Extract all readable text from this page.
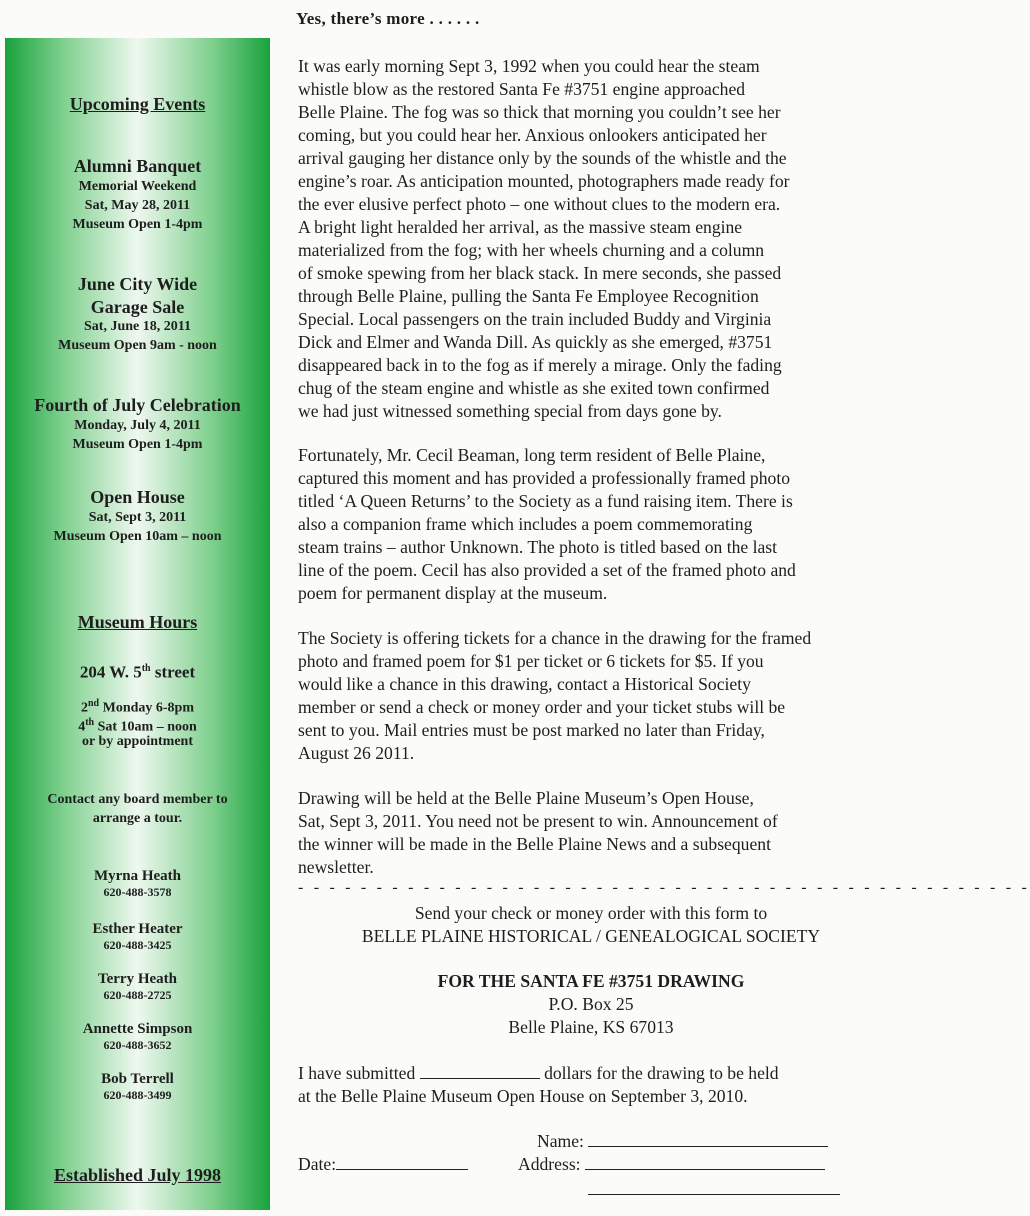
Upcoming Events
Alumni Banquet
Memorial Weekend
Sat, May 28, 2011
Museum Open 1-4pm
June City Wide
Garage Sale
Sat, June 18, 2011
Museum Open 9am - noon
Fourth of July Celebration
Monday, July 4, 2011
Museum Open 1-4pm
Open House
Sat, Sept 3, 2011
Museum Open 10am – noon
Museum Hours
204 W. 5th street
2nd Monday 6-8pm
4th Sat 10am – noon
or by appointment
Contact any board member to
arrange a tour.
Myrna Heath
620-488-3578
Esther Heater
620-488-3425
Terry Heath
620-488-2725
Annette Simpson
620-488-3652
Bob Terrell
620-488-3499
Established July 1998
Yes, there’s more . . . . . .

It was early morning Sept 3, 1992 when you could hear the steam
whistle blow as the restored Santa Fe #3751 engine approached
Belle Plaine. The fog was so thick that morning you couldn’t see her
coming, but you could hear her. Anxious onlookers anticipated her
arrival gauging her distance only by the sounds of the whistle and the
engine’s roar. As anticipation mounted, photographers made ready for
the ever elusive perfect photo – one without clues to the modern era.
A bright light heralded her arrival, as the massive steam engine
materialized from the fog; with her wheels churning and a column
of smoke spewing from her black stack. In mere seconds, she passed
through Belle Plaine, pulling the Santa Fe Employee Recognition
Special. Local passengers on the train included Buddy and Virginia
Dick and Elmer and Wanda Dill. As quickly as she emerged, #3751
disappeared back in to the fog as if merely a mirage. Only the fading
chug of the steam engine and whistle as she exited town confirmed
we had just witnessed something special from days gone by.

Fortunately, Mr. Cecil Beaman, long term resident of Belle Plaine,
captured this moment and has provided a professionally framed photo
titled ‘A Queen Returns’ to the Society as a fund raising item. There is
also a companion frame which includes a poem commemorating
steam trains – author Unknown. The photo is titled based on the last
line of the poem. Cecil has also provided a set of the framed photo and
poem for permanent display at the museum.

The Society is offering tickets for a chance in the drawing for the framed
photo and framed poem for $1 per ticket or 6 tickets for $5. If you
would like a chance in this drawing, contact a Historical Society
member or send a check or money order and your ticket stubs will be
sent to you. Mail entries must be post marked no later than Friday,
August 26 2011.

Drawing will be held at the Belle Plaine Museum’s Open House,
Sat, Sept 3, 2011. You need not be present to win. Announcement of
the winner will be made in the Belle Plaine News and a subsequent
newsletter.

- - - - - - - - - - - - - - - - - - - - - - - - - - - - - - - - - - - - - - - - - - - - - - -
Send your check or money order with this form to
BELLE PLAINE HISTORICAL / GENEALOGICAL SOCIETY
FOR THE SANTA FE #3751 DRAWING
P.O. Box 25
Belle Plaine, KS 67013
I have submitted	dollars for the drawing to be held
at the Belle Plaine Museum Open House on September 3, 2010.
Name:
Date:	Address:
